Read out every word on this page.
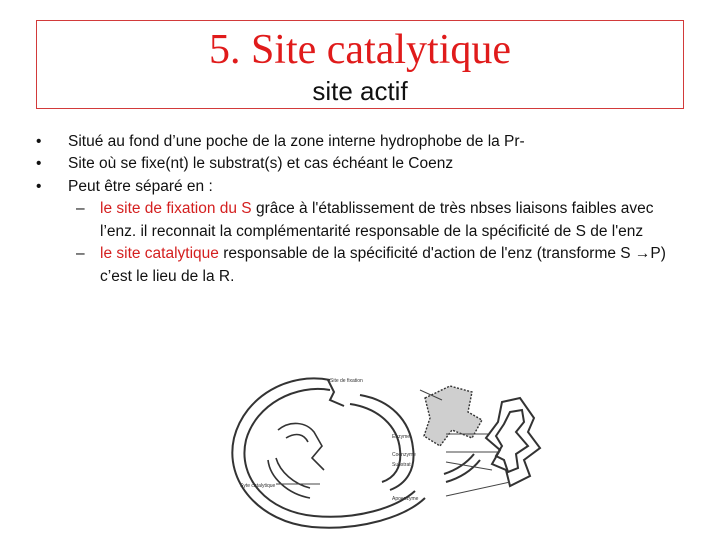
5. Site catalytique
site actif
• Situé au fond d’une poche de la zone interne hydrophobe de la Pr-
• Site où se fixe(nt) le substrat(s) et cas échéant le Coenz
• Peut être séparé en :
– le site de fixation du S grâce à l'établissement de très nbses liaisons faibles avec l’enz. il reconnait la complémentarité responsable de la spécificité de S de l'enz
– le site catalytique responsable de la spécificité d'action de l'enz (transforme S →P) c’est le lieu de la R.
Site de fixation
Enzyme
Coenzyme
Substrat
Syte catalytique
Apoenzyme
